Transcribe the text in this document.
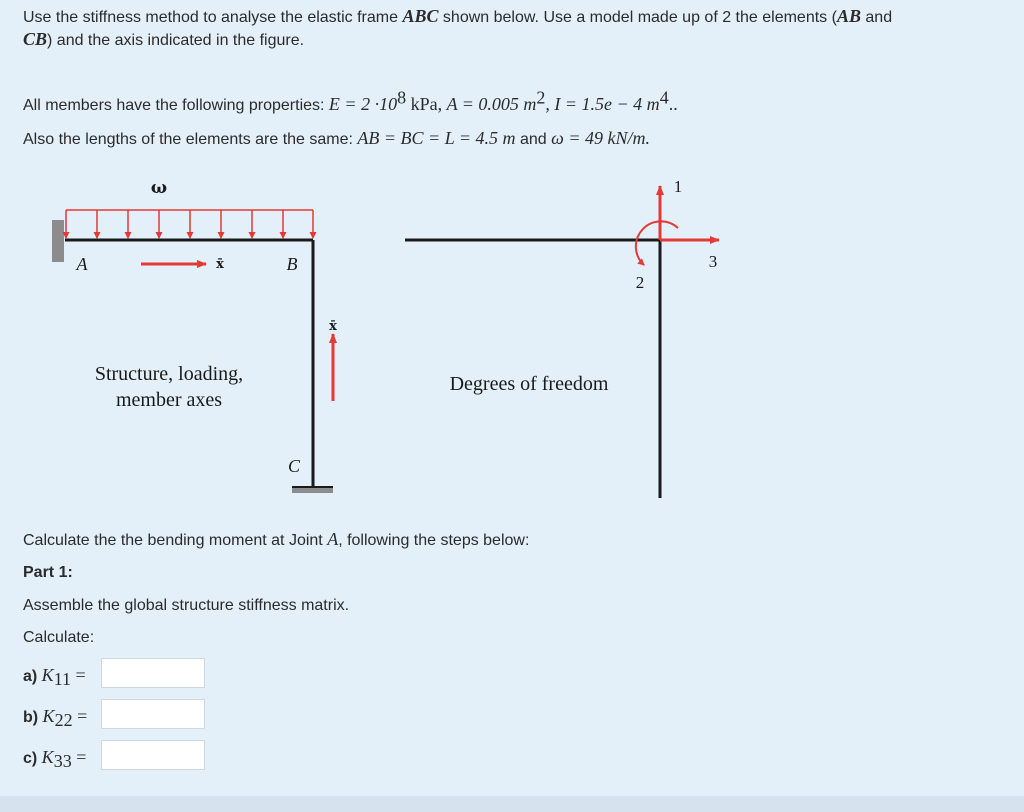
Use the stiffness method to analyse the elastic frame ABC shown below. Use a model made up of 2 the elements (AB and
CB) and the axis indicated in the figure.
All members have the following properties: $E = 2 \cdot 10^8$ kPa, A = 0.005 $m^2$, I = 1.5e − 4 $m^4$..
Also the lengths of the elements are the same: AB = BC = L = 4.5 m and ω = 49 kN/m.
ω
A	B
C
x̄
x̄
Structure, loading,
member axes
1
3
2
Degrees of freedom
Calculate the the bending moment at Joint A, following the steps below:
Part 1:
Assemble the global structure stiffness matrix.
Calculate:
a) $K_{11}$ =
b) $K_{22}$ =
c) $K_{33}$ =
